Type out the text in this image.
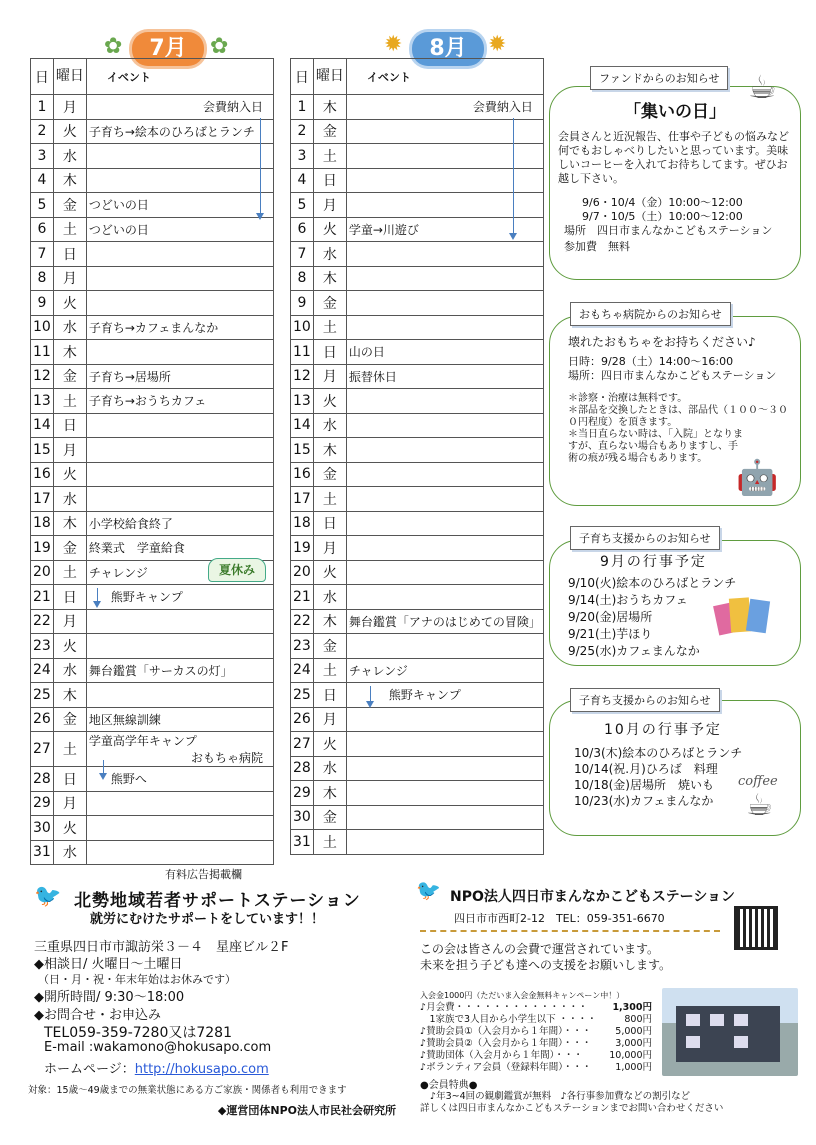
✿	7月	✿	✹	8月 ✹
日	曜日	イベント
1	月	会費納入日

2	火	子育ち→絵本のひろばとランチ
3	水	
4	木	
5	金	つどいの日
6	土	つどいの日
7	日	
8	月	
9	火	
10	水	子育ち→カフェまんなか
11	木	
12	金	子育ち→居場所
13	土	子育ち→おうちカフェ
14	日	
15	月	
16	火	
17	水	
18	木	小学校給食終了
19	金	終業式　学童給食
20	土	チャレンジ
21	日	熊野キャンプ
22	月	
23	火	
24	水	舞台鑑賞「サーカスの灯」
25	木	
26	金	地区無線訓練
27	土	学童高学年キャンプ
おもちゃ病院

28	日	熊野へ
29	月	
30	火	
31	水	
日	曜日	イベント
1	木	会費納入日

2	金	
3	土	
4	日	
5	月	
6	火	学童→川遊び
7	水	
8	木	
9	金	
10	土	
11	日	山の日
12	月	振替休日
13	火	
14	水	
15	木	
16	金	
17	土	
18	日	
19	月	
20	火	
21	水	
22	木	舞台鑑賞「アナのはじめての冒険」
23	金	
24	土	チャレンジ
25	日	熊野キャンプ
26	月	
27	火	
28	水	
29	木	
30	金	
31	土	
夏休み
「集いの日」

会員さんと近況報告、仕事や子どもの悩みなど何でもおしゃべりしたいと思っています。美味しいコーヒーを入れてお待ちしてます。ぜひお越し下さい。

9/6・10/4（金）10:00～12:00

9/7・10/5（土）10:00～12:00

場所　四日市まんなかこどもステーション

参加費　無料

ファンドからのお知らせ ☕

壊れたおもちゃをお持ちください♪

日時：9/28（土）14:00～16:00

場所：四日市まんなかこどもステーション

＊診察・治療は無料です。

＊部品を交換したときは、部品代（１００～３００円程度）を頂きます。

＊当日直らない時は、「入院」となりますが、直らない場合もありますし、手術の痕が残る場合もあります。

おもちゃ病院からのお知らせ
🤖
9月の行事予定
9/10(火)絵本のひろばとランチ
9/14(土)おうちカフェ
9/20(金)居場所
9/21(土)芋ほり
9/25(水)カフェまんなか
子育ち支援からのお知らせ
10月の行事予定
10/3(木)絵本のひろばとランチ
10/14(祝.月)ひろば　料理
10/18(金)居場所　焼いも
10/23(水)カフェまんなか
子育ち支援からのお知らせ
coffee
☕
有料広告掲載欄
🐦 北勢地域若者サポートステーション
就労にむけたサポートをしています！！
三重県四日市市諏訪栄３－４　星座ビル２F
◆相談日/ 火曜日～土曜日
（日・月・祝・年末年始はお休みです）
◆開所時間/ 9:30～18:00
◆お問合せ・お申込み
TEL059-359-7280又は7281
E-mail :wakamono@hokusapo.com
ホームページ：http://hokusapo.com
対象：15歳～49歳までの無業状態にある方ご家族・関係者も利用できます
◆運営団体NPO法人市民社会研究所
🐦 NPO法人四日市まんなかこどもステーション
四日市市西町2-12　TEL：059-351-6670
この会は皆さんの会費で運営されています。
未来を担う子ども達への支援をお願いします。
入会金1000円（ただいま入会金無料キャンペーン中！）
♪月会費・・・・・・・・・・・・・・	1,300円
　1家族で3人目から小学生以下 ・・・・	800円
♪賛助会員①（入会月から１年間）・・・	5,000円
♪賛助会員②（入会月から１年間）・・・	3,000円
♪賛助団体（入会月から１年間）・・・	10,000円
♪ボランティア会員（登録料年間）・・・ 1,000円
●会員特典●
♪年3~4回の観劇鑑賞が無料　♪各行事参加費などの割引など
詳しくは四日市まんなかこどもステーションまでお問い合わせください
